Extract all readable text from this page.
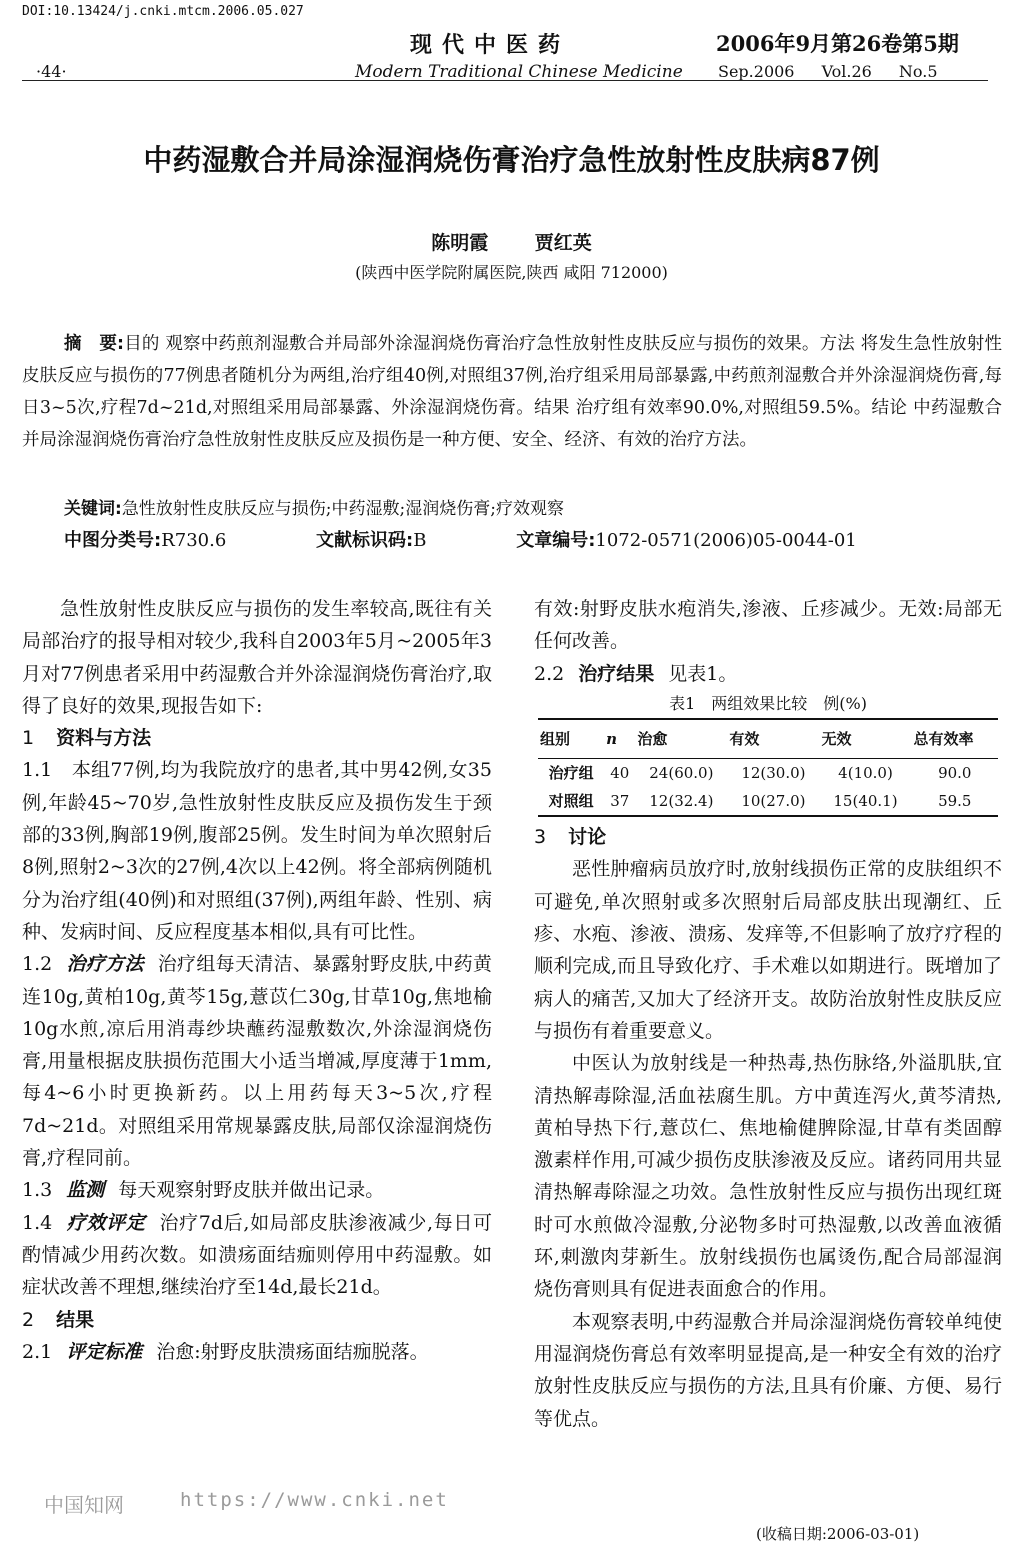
DOI:10.13424/j.cnki.mtcm.2006.05.027
现代中医药	2006年9月第26卷第5期
·44·	Modern Traditional Chinese Medicine Sep.2006 Vol.26 No.5
中药湿敷合并局涂湿润烧伤膏治疗急性放射性皮肤病87例
陈明霞 贾红英
(陕西中医学院附属医院,陕西 咸阳 712000)

摘　要:目的 观察中药煎剂湿敷合并局部外涂湿润烧伤膏治疗急性放射性皮肤反应与损伤的效果。方法 将发生急性放射性皮肤反应与损伤的77例患者随机分为两组,治疗组40例,对照组37例,治疗组采用局部暴露,中药煎剂湿敷合并外涂湿润烧伤膏,每日3~5次,疗程7d~21d,对照组采用局部暴露、外涂湿润烧伤膏。结果 治疗组有效率90.0%,对照组59.5%。结论 中药湿敷合并局涂湿润烧伤膏治疗急性放射性皮肤反应及损伤是一种方便、安全、经济、有效的治疗方法。

关键词:急性放射性皮肤反应与损伤;中药湿敷;湿润烧伤膏;疗效观察
中图分类号:R730.6	文献标识码:B	文章编号:1072-0571(2006)05-0044-01

急性放射性皮肤反应与损伤的发生率较高,既往有关局部治疗的报导相对较少,我科自2003年5月~2005年3月对77例患者采用中药湿敷合并外涂湿润烧伤膏治疗,取得了良好的效果,现报告如下:

1 资料与方法

1.1　 本组77例,均为我院放疗的患者,其中男42例,女35例,年龄45~70岁,急性放射性皮肤反应及损伤发生于颈部的33例,胸部19例,腹部25例。发生时间为单次照射后8例,照射2~3次的27例,4次以上42例。将全部病例随机分为治疗组(40例)和对照组(37例),两组年龄、性别、病种、发病时间、反应程度基本相似,具有可比性。

1.2 治疗方法 治疗组每天清洁、暴露射野皮肤,中药黄连10g,黄柏10g,黄芩15g,薏苡仁30g,甘草10g,焦地榆10g水煎,凉后用消毒纱块蘸药湿敷数次,外涂湿润烧伤膏,用量根据皮肤损伤范围大小适当增减,厚度薄于1mm,每4~6小时更换新药。以上用药每天3~5次,疗程7d~21d。对照组采用常规暴露皮肤,局部仅涂湿润烧伤膏,疗程同前。

1.3 监测 每天观察射野皮肤并做出记录。

1.4 疗效评定 治疗7d后,如局部皮肤渗液减少,每日可酌情减少用药次数。如溃疡面结痂则停用中药湿敷。如症状改善不理想,继续治疗至14d,最长21d。

2 结果

2.1 评定标准 治愈:射野皮肤溃疡面结痂脱落。

有效:射野皮肤水疱消失,渗液、丘疹减少。无效:局部无任何改善。

2.2 治疗结果 见表1。

表1　两组效果比较　例(%)
组别	n	治愈	有效	无效	总有效率
治疗组	40	24(60.0)	12(30.0)	4(10.0)	90.0
对照组	37	12(32.4)	10(27.0)	15(40.1)	59.5

3 讨论

恶性肿瘤病员放疗时,放射线损伤正常的皮肤组织不可避免,单次照射或多次照射后局部皮肤出现潮红、丘疹、水疱、渗液、溃疡、发痒等,不但影响了放疗疗程的顺利完成,而且导致化疗、手术难以如期进行。既增加了病人的痛苦,又加大了经济开支。故防治放射性皮肤反应与损伤有着重要意义。

中医认为放射线是一种热毒,热伤脉络,外溢肌肤,宜清热解毒除湿,活血祛腐生肌。方中黄连泻火,黄芩清热,黄柏导热下行,薏苡仁、焦地榆健脾除湿,甘草有类固醇激素样作用,可减少损伤皮肤渗液及反应。诸药同用共显清热解毒除湿之功效。急性放射性反应与损伤出现红斑时可水煎做冷湿敷,分泌物多时可热湿敷,以改善血液循环,刺激肉芽新生。放射线损伤也属烫伤,配合局部湿润烧伤膏则具有促进表面愈合的作用。

本观察表明,中药湿敷合并局涂湿润烧伤膏较单纯使用湿润烧伤膏总有效率明显提高,是一种安全有效的治疗放射性皮肤反应与损伤的方法,且具有价廉、方便、易行等优点。

中国知网	https://www.cnki.net
(收稿日期:2006-03-01)
